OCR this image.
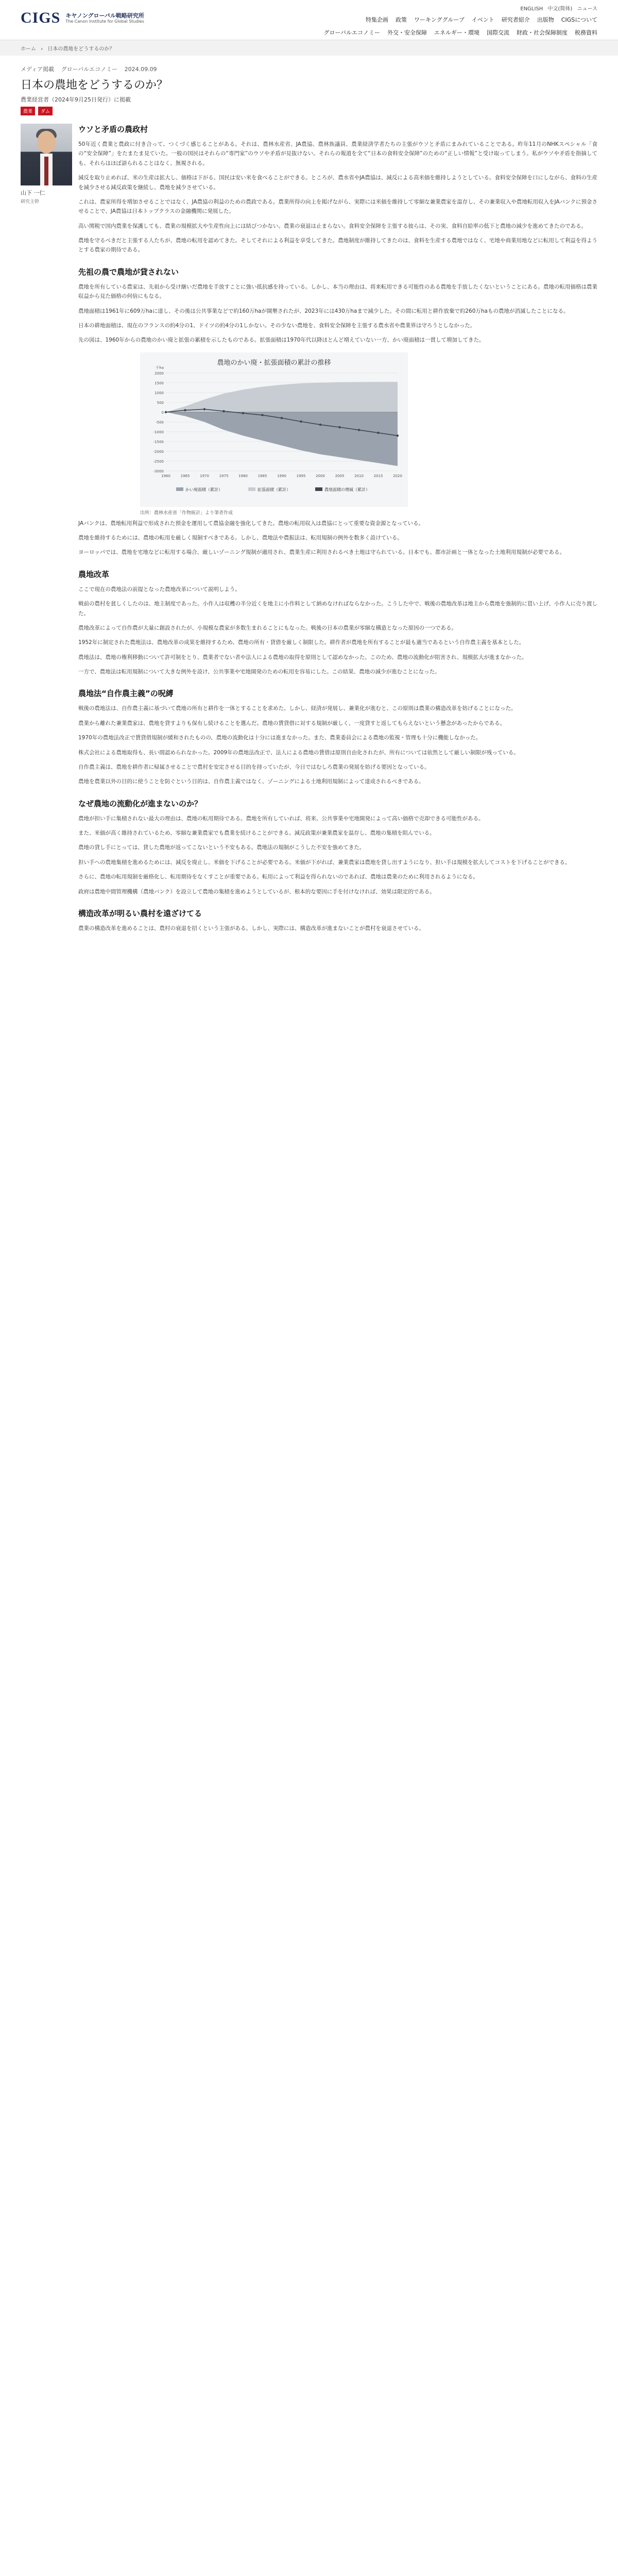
CIGS キヤノングローバル戦略研究所
The Canon Institute for Global Studies
ENGLISH 中文(简体) ニュース
特集企画 政策 ワーキンググループ イベント 研究者紹介 出版物 CIGSについて
グローバルエコノミー 外交・安全保障 エネルギー・環境 国際交流 財政・社会保障制度 税務資料
ホーム › 日本の農地をどうするのか？
メディア掲載 グローバルエコノミー 2024.09.09
日本の農地をどうするのか？
農業経営者（2024年9月25日発行）に掲載
農業	ダム
山下 一仁
研究主幹
ウソと矛盾の農政村

50年近く農業と農政に付き合って、つくづく感じることがある。それは、農林水産省、JA農協、農林族議員、農業経済学者たちの主張がウソと矛盾にまみれていることである。昨年11月のNHKスペシャル「食の“安全保障”」をたまたま見ていた。一般の国民はそれらの“専門家”のウソや矛盾が見抜けない。それらの報道を全て“日本の食料安全保障”のための“正しい情報”と受け取ってしまう。私がウソや矛盾を指摘しても、それらはほぼ語られることはなく、無視される。

減反を取り止めれば、米の生産は拡大し、価格は下がる。国民は安い米を食べることができる。ところが、農水省やJA農協は、減反による高米価を維持しようとしている。食料安全保障を口にしながら、食料の生産を減少させる減反政策を継続し、農地を減少させている。

これは、農家所得を増加させることではなく、JA農協の利益のための農政である。農業所得の向上を掲げながら、実際には米価を維持して零細な兼業農家を温存し、その兼業収入や農地転用収入をJAバンクに預金させることで、JA農協は日本トップクラスの金融機関に発展した。

高い関税で国内農業を保護しても、農業の規模拡大や生産性向上には結びつかない。農業の衰退は止まらない。食料安全保障を主張する彼らは、その実、食料自給率の低下と農地の減少を進めてきたのである。

農地を守るべきだと主張する人たちが、農地の転用を認めてきた。そしてそれによる利益を享受してきた。農地制度が維持してきたのは、食料を生産する農地ではなく、宅地や商業用地などに転用して利益を得ようとする農家の期待である。

先祖の農で農地が貸されない

農地を所有している農家は、先祖から受け継いだ農地を手放すことに強い抵抗感を持っている。しかし、本当の理由は、将来転用できる可能性のある農地を手放したくないということにある。農地の転用価格は農業収益から見た価格の何倍にもなる。

農地面積は1961年に609万haに達し、その後は公共事業などで約160万haが開墾されたが、2023年には430万haまで減少した。その間に転用と耕作放棄で約260万haもの農地が消滅したことになる。

日本の耕地面積は、現在のフランスの約4分の1、ドイツの約4分の1しかない。その少ない農地を、食料安全保障を主張する農水省や農業界は守ろうとしなかった。

先の図は、1960年からの農地のかい廃と拡張の累積を示したものである。拡張面積は1970年代以降ほとんど増えていない一方、かい廃面積は一貫して増加してきた。

農地のかい廃・拡張面積の累計の推移
-3000
-2500
-2000
-1500
-1000
-500
0
500
1000
1500
2000
千ha
1960	1965	1970	1975	1980	1985	1990	1995	2000	2005	2010	2015	2020
かい廃面積（累計）	拡張面積（累計）	農地面積の増減（累計）
出所：農林水産省「作物統計」より筆者作成

JAバンクは、農地転用利益で形成された預金を運用して農協金融を強化してきた。農地の転用収入は農協にとって重要な資金源となっている。

農地を維持するためには、農地の転用を厳しく規制すべきである。しかし、農地法や農振法は、転用規制の例外を数多く設けている。

ヨーロッパでは、農地を宅地などに転用する場合、厳しいゾーニング規制が適用され、農業生産に利用されるべき土地は守られている。日本でも、都市計画と一体となった土地利用規制が必要である。

農地改革

ここで現在の農地法の前提となった農地改革について説明しよう。

戦前の農村を貧しくしたのは、地主制度であった。小作人は収穫の半分近くを地主に小作料として納めなければならなかった。こうした中で、戦後の農地改革は地主から農地を強制的に買い上げ、小作人に売り渡した。

農地改革によって自作農が大量に創設されたが、小規模な農家が多数生まれることにもなった。戦後の日本の農業が零細な構造となった原因の一つである。

1952年に制定された農地法は、農地改革の成果を維持するため、農地の所有・貸借を厳しく制限した。耕作者が農地を所有することが最も適当であるという自作農主義を基本とした。

農地法は、農地の権利移動について許可制をとり、農業者でない者や法人による農地の取得を原則として認めなかった。このため、農地の流動化が阻害され、規模拡大が進まなかった。

一方で、農地法は転用規制について大きな例外を設け、公共事業や宅地開発のための転用を容易にした。この結果、農地の減少が進むことになった。

農地法“自作農主義”の呪縛

戦後の農地法は、自作農主義に基づいて農地の所有と耕作を一体とすることを求めた。しかし、経済が発展し、兼業化が進むと、この原則は農業の構造改革を妨げることになった。

農業から離れた兼業農家は、農地を貸すよりも保有し続けることを選んだ。農地の賃貸借に対する規制が厳しく、一度貸すと返してもらえないという懸念があったからである。

1970年の農地法改正で賃貸借規制が緩和されたものの、農地の流動化は十分には進まなかった。また、農業委員会による農地の監視・管理も十分に機能しなかった。

株式会社による農地取得も、長い間認められなかった。2009年の農地法改正で、法人による農地の賃借は原則自由化されたが、所有については依然として厳しい制限が残っている。

自作農主義は、農地を耕作者に帰属させることで農村を安定させる目的を持っていたが、今日ではむしろ農業の発展を妨げる要因となっている。

農地を農業以外の目的に使うことを防ぐという目的は、自作農主義ではなく、ゾーニングによる土地利用規制によって達成されるべきである。

なぜ農地の流動化が進まないのか？

農地が担い手に集積されない最大の理由は、農地の転用期待である。農地を所有していれば、将来、公共事業や宅地開発によって高い価格で売却できる可能性がある。

また、米価が高く維持されているため、零細な兼業農家でも農業を続けることができる。減反政策が兼業農家を温存し、農地の集積を阻んでいる。

農地の貸し手にとっては、貸した農地が返ってこないという不安もある。農地法の規制がこうした不安を強めてきた。

担い手への農地集積を進めるためには、減反を廃止し、米価を下げることが必要である。米価が下がれば、兼業農家は農地を貸し出すようになり、担い手は規模を拡大してコストを下げることができる。

さらに、農地の転用規制を厳格化し、転用期待をなくすことが重要である。転用によって利益を得られないのであれば、農地は農業のために利用されるようになる。

政府は農地中間管理機構（農地バンク）を設立して農地の集積を進めようとしているが、根本的な要因に手を付けなければ、効果は限定的である。

構造改革が明るい農村を遠ざけてる

農業の構造改革を進めることは、農村の衰退を招くという主張がある。しかし、実際には、構造改革が進まないことが農村を衰退させている。
